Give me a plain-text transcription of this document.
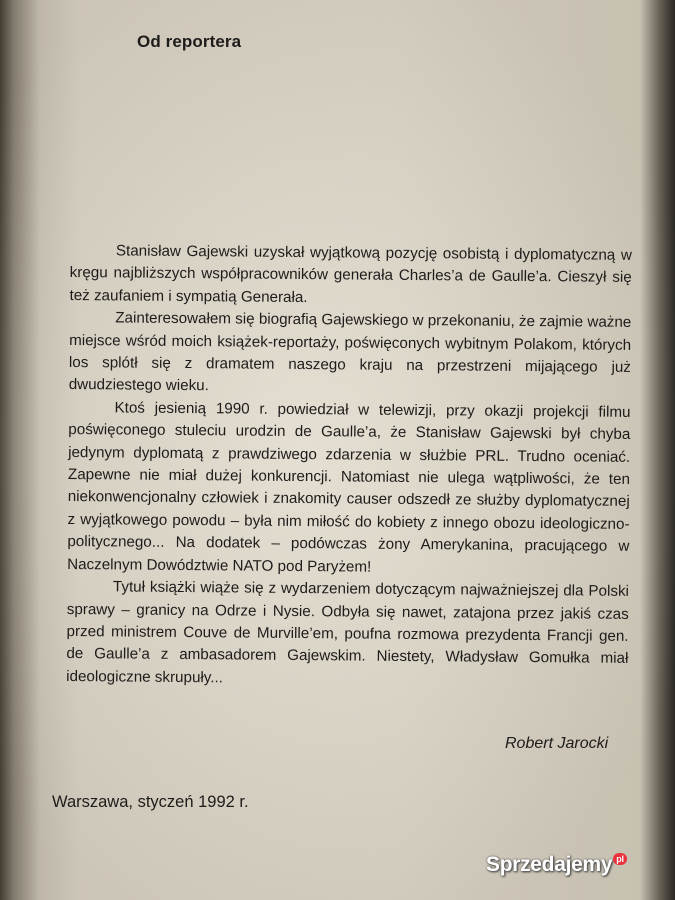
Od reportera

Stanisław Gajewski uzyskał wyjątkową pozycję osobistą i dyplomatyczną w kręgu najbliższych współpracowników generała Charles’a de Gaulle’a. Cieszył się też zaufaniem i sympatią Generała.

Zainteresowałem się biografią Gajewskiego w przekonaniu, że zajmie ważne miejsce wśród moich książek-reportaży, poświęconych wybitnym Polakom, których los splótł się z dramatem naszego kraju na przestrzeni mijającego już dwudziestego wieku.

Ktoś jesienią 1990 r. powiedział w telewizji, przy okazji projekcji filmu poświęconego stuleciu urodzin de Gaulle’a, że Stanisław Gajewski był chyba jedynym dyplomatą z prawdziwego zdarzenia w służbie PRL. Trudno oceniać. Zapewne nie miał dużej konkurencji. Natomiast nie ulega wątpliwości, że ten niekonwencjonalny człowiek i znakomity causer odszedł ze służby dyplomatycznej z wyjątkowego powodu – była nim miłość do kobiety z innego obozu ideologiczno-politycznego... Na dodatek – podówczas żony Amerykanina, pracującego w Naczelnym Dowództwie NATO pod Paryżem!

Tytuł książki wiąże się z wydarzeniem dotyczącym najważniejszej dla Polski sprawy – granicy na Odrze i Nysie. Odbyła się nawet, zatajona przez jakiś czas przed ministrem Couve de Murville’em, poufna rozmowa prezydenta Francji gen. de Gaulle’a z ambasadorem Gajewskim. Niestety, Władysław Gomułka miał ideologiczne skrupuły...

Robert Jarocki
Warszawa, styczeń 1992 r.
Sprzedajemy $^{pl}$
